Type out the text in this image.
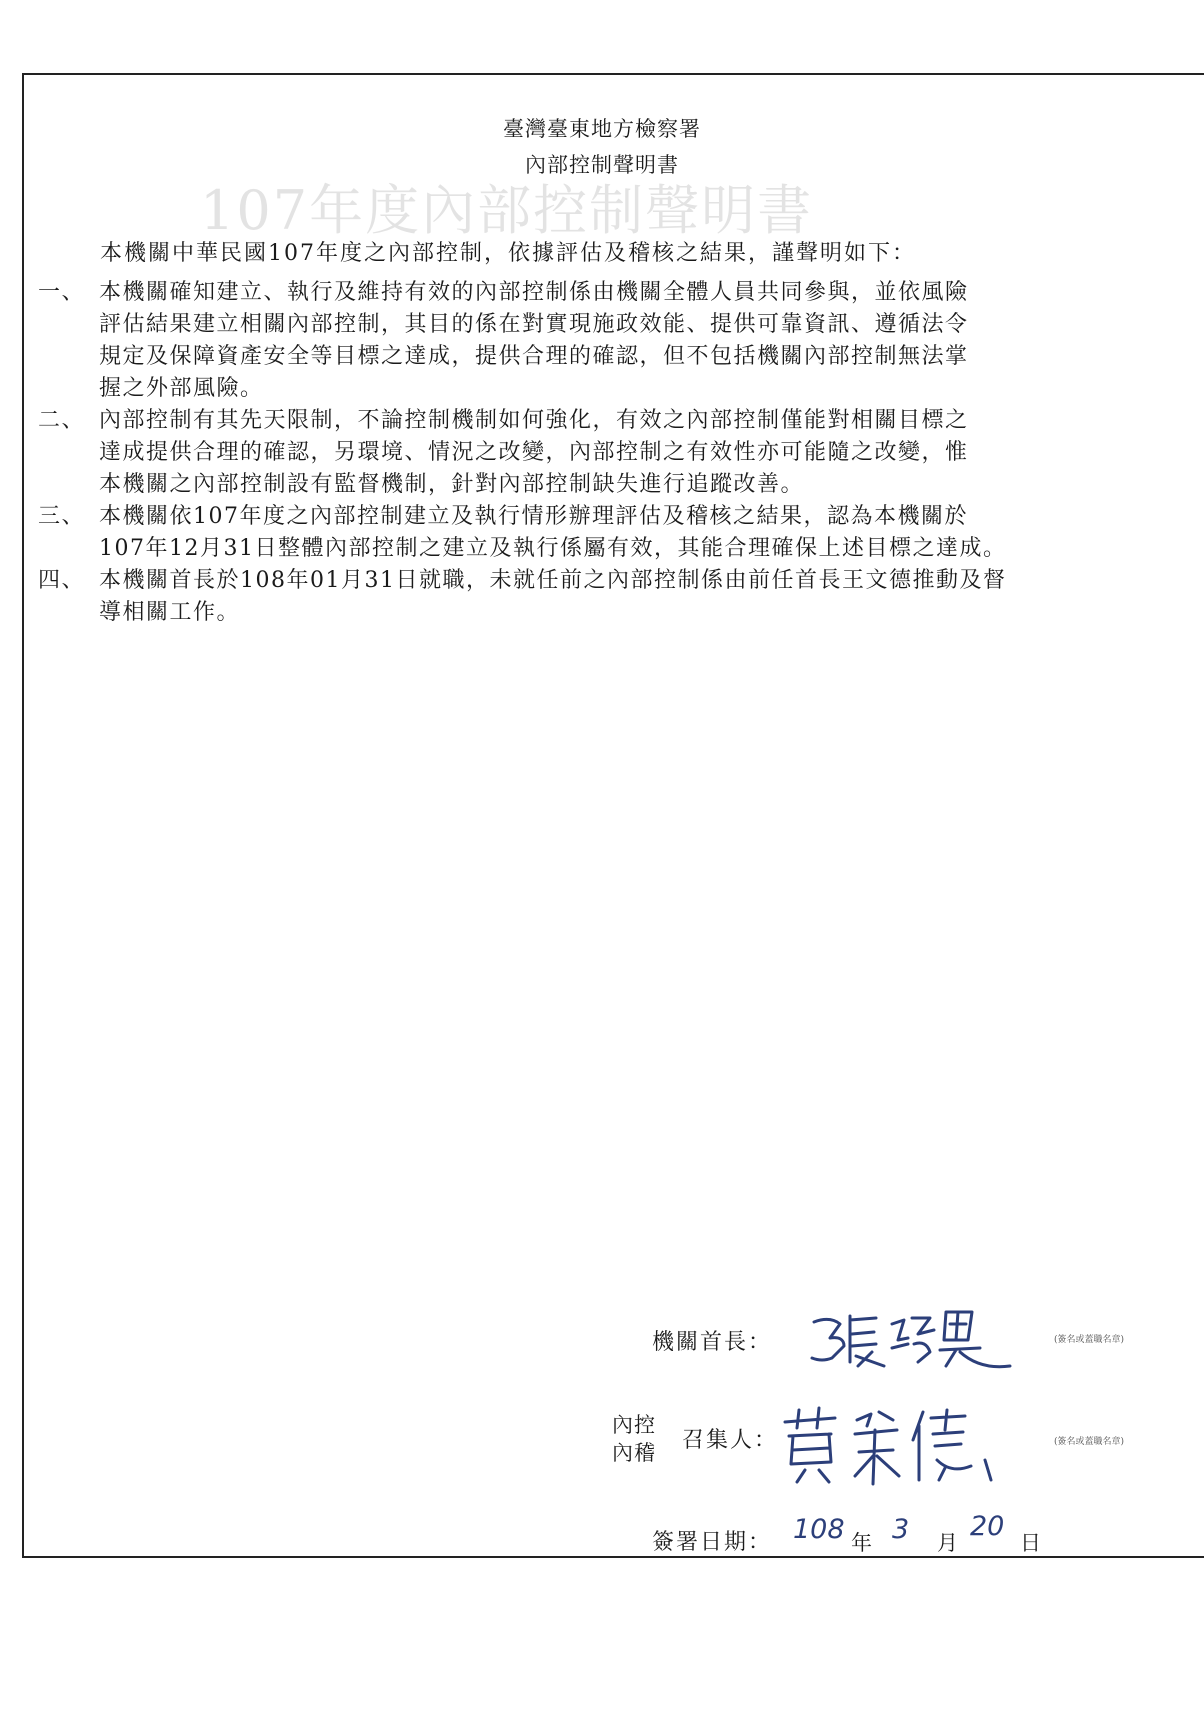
107年度內部控制聲明書
臺灣臺東地方檢察署
內部控制聲明書
本機關中華民國107年度之內部控制，依據評估及稽核之結果，謹聲明如下：
一、 本機關確知建立、執行及維持有效的內部控制係由機關全體人員共同參與，並依風險
評估結果建立相關內部控制，其目的係在對實現施政效能、提供可靠資訊、遵循法令
規定及保障資產安全等目標之達成，提供合理的確認，但不包括機關內部控制無法掌
握之外部風險。
二、 內部控制有其先天限制，不論控制機制如何強化，有效之內部控制僅能對相關目標之
達成提供合理的確認，另環境、情況之改變，內部控制之有效性亦可能隨之改變，惟
本機關之內部控制設有監督機制，針對內部控制缺失進行追蹤改善。
三、 本機關依107年度之內部控制建立及執行情形辦理評估及稽核之結果，認為本機關於
107年12月31日整體內部控制之建立及執行係屬有效，其能合理確保上述目標之達成。
四、 本機關首長於108年01月31日就職，未就任前之內部控制係由前任首長王文德推動及督
導相關工作。
機關首長：	(簽名或蓋職名章)
內控
內稽 召集人：	(簽名或蓋職名章)
簽署日期： 108 年 3 月
20
日
